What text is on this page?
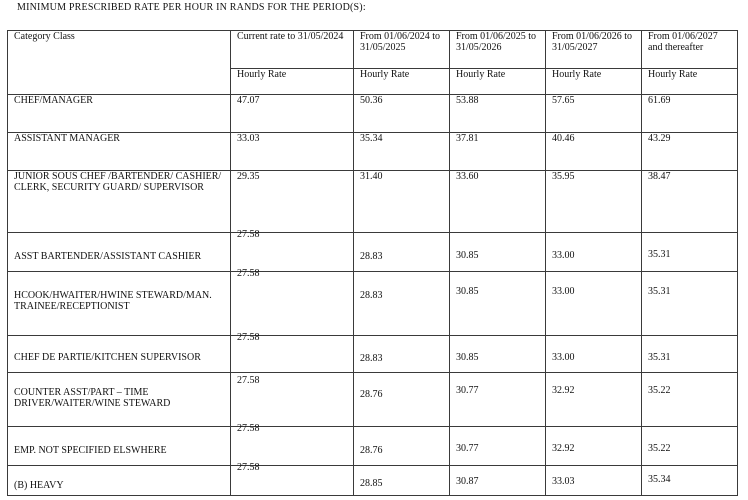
MINIMUM PRESCRIBED RATE PER HOUR IN RANDS FOR THE PERIOD(S):
Category Class	Current rate to 31/05/2024	From 01/06/2024 to 31/05/2025	From 01/06/2025 to 31/05/2026	From 01/06/2026 to 31/05/2027	From 01/06/2027 and thereafter
	Hourly Rate	Hourly Rate	Hourly Rate	Hourly Rate	Hourly Rate
CHEF/MANAGER	47.07	50.36	53.88	57.65	61.69
ASSISTANT MANAGER	33.03	35.34	37.81	40.46	43.29
JUNIOR SOUS CHEF /BARTENDER/ CASHIER/ CLERK, SECURITY GUARD/ SUPERVISOR	29.35	31.40	33.60	35.95	38.47
ASST BARTENDER/ASSISTANT CASHIER	27.58	28.83	30.85	33.00	35.31
HCOOK/HWAITER/HWINE STEWARD/MAN. TRAINEE/RECEPTIONIST	27.58	28.83	30.85	33.00	35.31
CHEF DE PARTIE/KITCHEN SUPERVISOR	27.58	28.83	30.85	33.00	35.31
COUNTER ASST/PART – TIME DRIVER/WAITER/WINE STEWARD	27.58	28.76	30.77	32.92	35.22
EMP. NOT SPECIFIED ELSWHERE	27.58	28.76	30.77	32.92	35.22
(B) HEAVY	27.58	28.85	30.87	33.03	35.34
